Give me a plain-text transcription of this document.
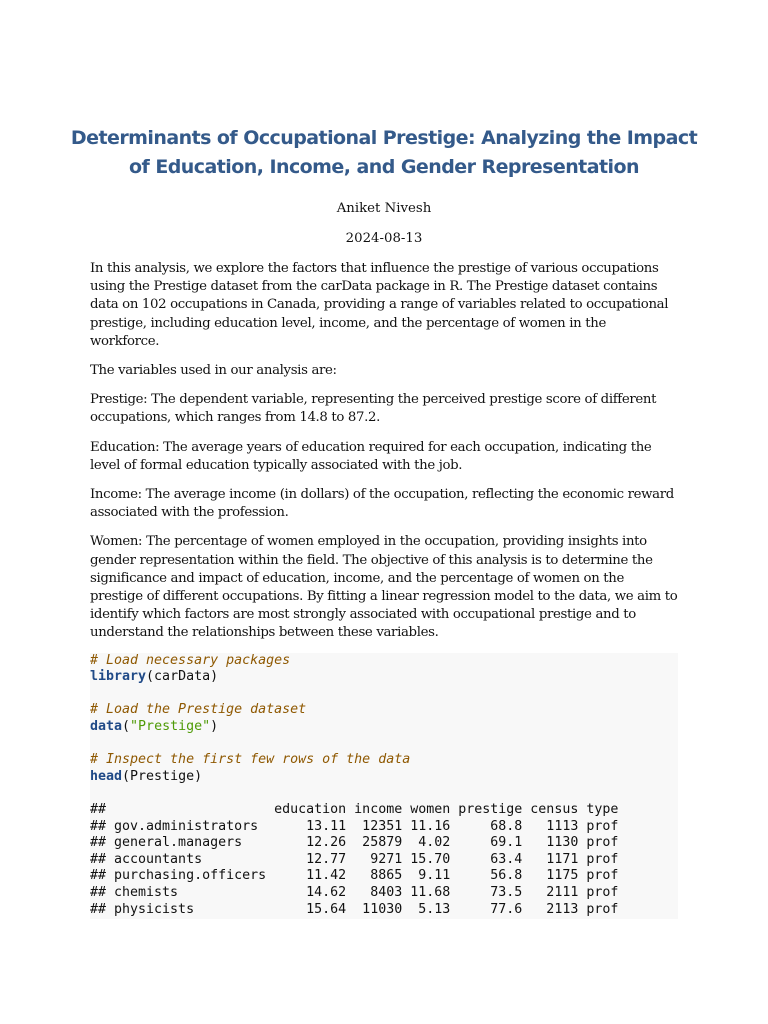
Determinants of Occupational Prestige: Analyzing the Impact of Education, Income, and Gender Representation
Aniket Nivesh
2024-08-13

In this analysis, we explore the factors that influence the prestige of various occupations using the Prestige dataset from the carData package in R. The Prestige dataset contains data on 102 occupations in Canada, providing a range of variables related to occupational prestige, including education level, income, and the percentage of women in the workforce.

The variables used in our analysis are:

Prestige: The dependent variable, representing the perceived prestige score of different occupations, which ranges from 14.8 to 87.2.

Education: The average years of education required for each occupation, indicating the level of formal education typically associated with the job.

Income: The average income (in dollars) of the occupation, reflecting the economic reward associated with the profession.

Women: The percentage of women employed in the occupation, providing insights into gender representation within the field. The objective of this analysis is to determine the significance and impact of education, income, and the percentage of women on the prestige of different occupations. By fitting a linear regression model to the data, we aim to identify which factors are most strongly associated with occupational prestige and to understand the relationships between these variables.

# Load necessary packages
library(carData)
# Load the Prestige dataset
data("Prestige")
# Inspect the first few rows of the data
head(Prestige)
##                     education income women prestige census type
## gov.administrators      13.11  12351 11.16     68.8   1113 prof
## general.managers        12.26  25879  4.02     69.1   1130 prof
## accountants             12.77   9271 15.70     63.4   1171 prof
## purchasing.officers     11.42   8865  9.11     56.8   1175 prof
## chemists                14.62   8403 11.68     73.5   2111 prof
## physicists              15.64  11030  5.13     77.6   2113 prof
